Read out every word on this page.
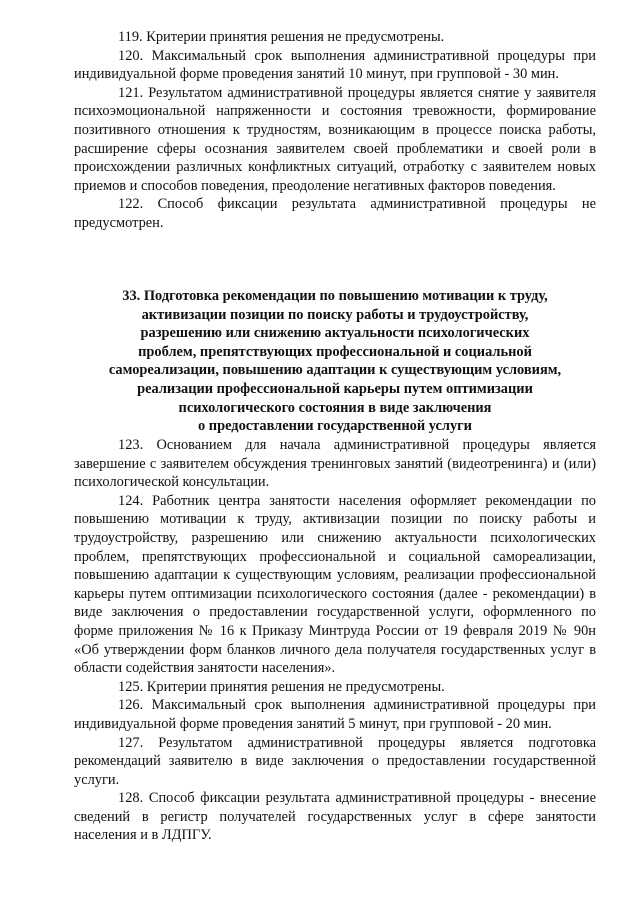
119. Критерии принятия решения не предусмотрены.

120. Максимальный срок выполнения административной процедуры при индивидуальной форме проведения занятий 10 минут, при групповой - 30 мин.

121. Результатом административной процедуры является снятие у заявителя психоэмоциональной напряженности и состояния тревожности, формирование позитивного отношения к трудностям, возникающим в процессе поиска работы, расширение сферы осознания заявителем своей проблематики и своей роли в происхождении различных конфликтных ситуаций, отработку с заявителем новых приемов и способов поведения, преодоление негативных факторов поведения.

122. Способ фиксации результата административной процедуры не предусмотрен.

33. Подготовка рекомендации по повышению мотивации к труду,
активизации позиции по поиску работы и трудоустройству,
разрешению или снижению актуальности психологических
проблем, препятствующих профессиональной и социальной
самореализации, повышению адаптации к существующим условиям,
реализации профессиональной карьеры путем оптимизации
психологического состояния в виде заключения
о предоставлении государственной услуги

123. Основанием для начала административной процедуры является завершение с заявителем обсуждения тренинговых занятий (видеотренинга) и (или) психологической консультации.

124. Работник центра занятости населения оформляет рекомендации по повышению мотивации к труду, активизации позиции по поиску работы и трудоустройству, разрешению или снижению актуальности психологических проблем, препятствующих профессиональной и социальной самореализации, повышению адаптации к существующим условиям, реализации профессиональной карьеры путем оптимизации психологического состояния (далее - рекомендации) в виде заключения о предоставлении государственной услуги, оформленного по форме приложения № 16 к Приказу Минтруда России от 19 февраля 2019 № 90н «Об утверждении форм бланков личного дела получателя государственных услуг в области содействия занятости населения».

125. Критерии принятия решения не предусмотрены.

126. Максимальный срок выполнения административной процедуры при индивидуальной форме проведения занятий 5 минут, при групповой - 20 мин.

127. Результатом административной процедуры является подготовка рекомендаций заявителю в виде заключения о предоставлении государственной услуги.

128. Способ фиксации результата административной процедуры - внесение сведений в регистр получателей государственных услуг в сфере занятости населения и в ЛДПГУ.
